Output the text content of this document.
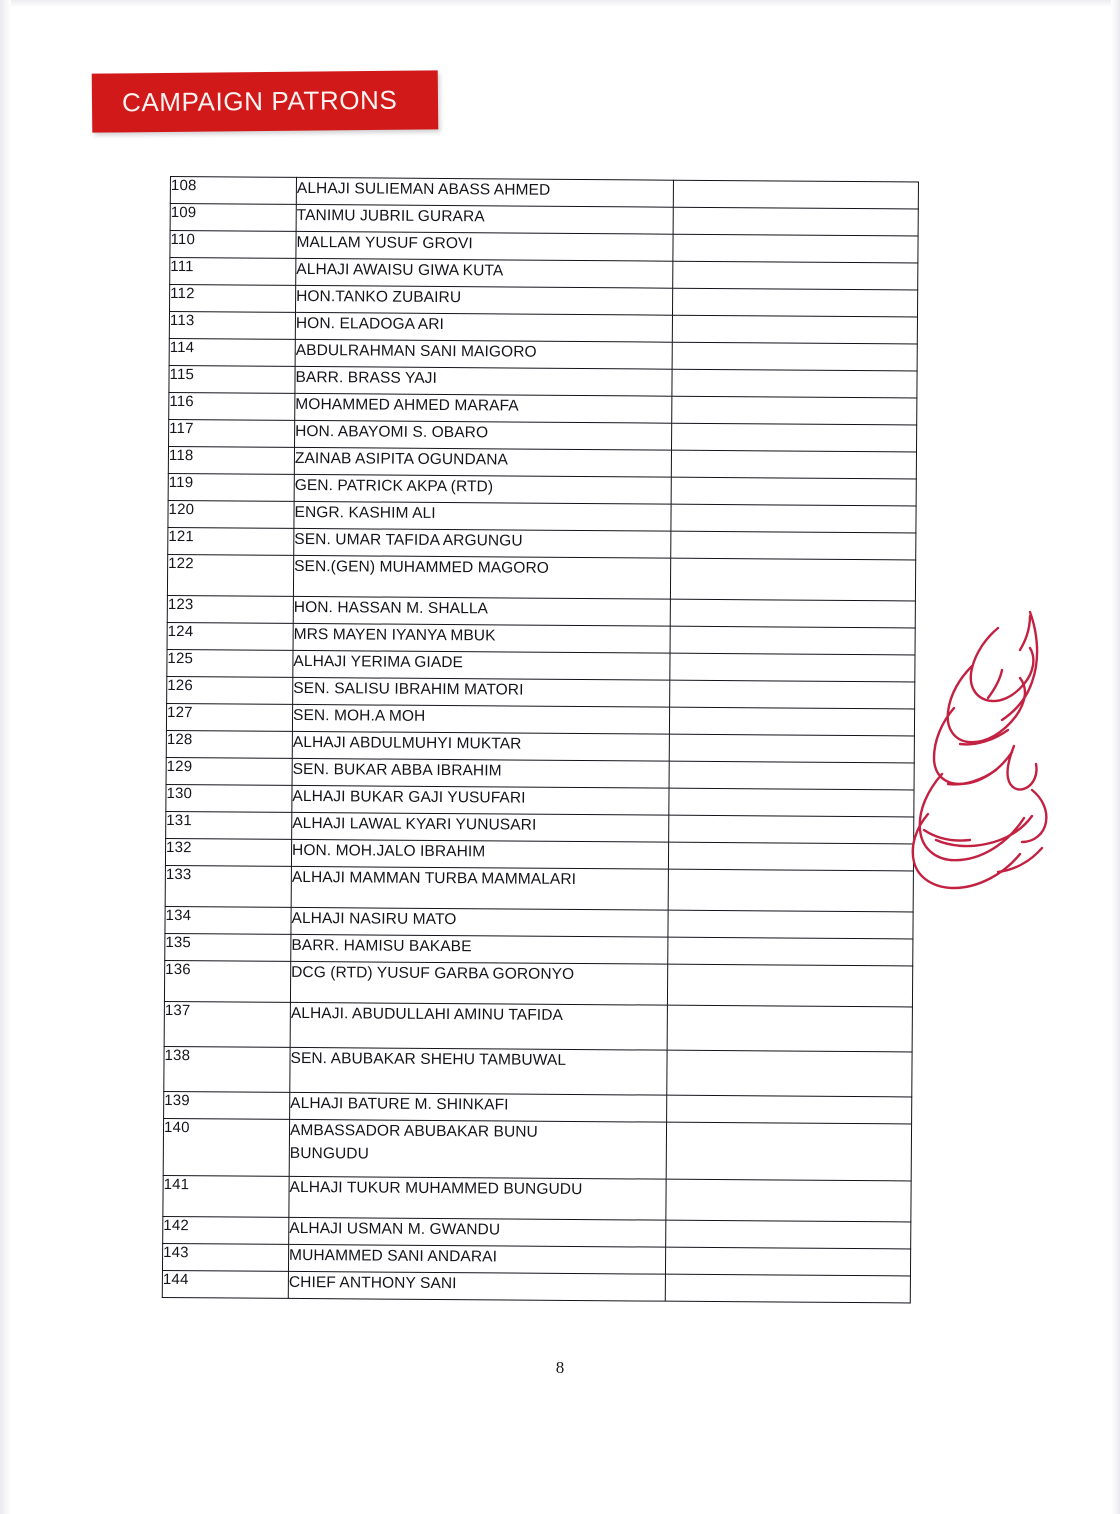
CAMPAIGN PATRONS
108	ALHAJI SULIEMAN ABASS AHMED	
109	TANIMU JUBRIL GURARA	
110	MALLAM YUSUF GROVI	
111	ALHAJI AWAISU GIWA KUTA	
112	HON.TANKO ZUBAIRU	
113	HON. ELADOGA ARI	
114	ABDULRAHMAN SANI MAIGORO	
115	BARR. BRASS YAJI	
116	MOHAMMED AHMED MARAFA	
117	HON. ABAYOMI S. OBARO	
118	ZAINAB ASIPITA OGUNDANA	
119	GEN. PATRICK AKPA (RTD)	
120	ENGR. KASHIM ALI	
121	SEN. UMAR TAFIDA ARGUNGU	
122	SEN.(GEN) MUHAMMED MAGORO	
123	HON. HASSAN M. SHALLA	
124	MRS MAYEN IYANYA MBUK	
125	ALHAJI YERIMA GIADE	
126	SEN. SALISU IBRAHIM MATORI	
127	SEN. MOH.A MOH	
128	ALHAJI ABDULMUHYI MUKTAR	
129	SEN. BUKAR ABBA IBRAHIM	
130	ALHAJI BUKAR GAJI YUSUFARI	
131	ALHAJI LAWAL KYARI YUNUSARI	
132	HON. MOH.JALO IBRAHIM	
133	ALHAJI MAMMAN TURBA MAMMALARI	
134	ALHAJI NASIRU MATO	
135	BARR. HAMISU BAKABE	
136	DCG (RTD) YUSUF GARBA GORONYO	
137	ALHAJI. ABUDULLAHI AMINU TAFIDA	
138	SEN. ABUBAKAR SHEHU TAMBUWAL	
139	ALHAJI BATURE M. SHINKAFI	
140	AMBASSADOR ABUBAKAR BUNU
BUNGUDU	
141	ALHAJI TUKUR MUHAMMED BUNGUDU	
142	ALHAJI USMAN M. GWANDU	
143	MUHAMMED SANI ANDARAI	
144	CHIEF ANTHONY SANI	
8
